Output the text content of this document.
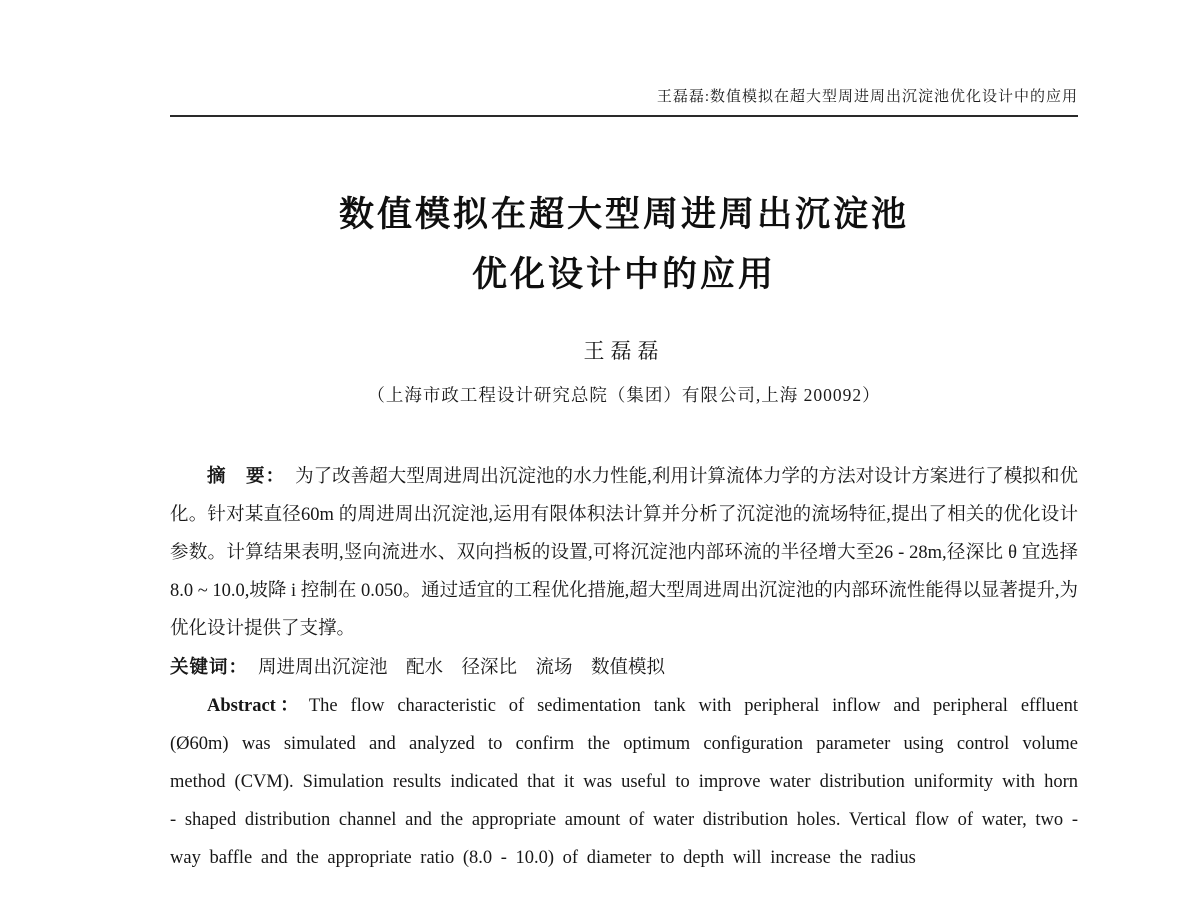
王磊磊:数值模拟在超大型周进周出沉淀池优化设计中的应用
数值模拟在超大型周进周出沉淀池
优化设计中的应用
王磊磊
（上海市政工程设计研究总院（集团）有限公司,上海 200092）

摘　要： 为了改善超大型周进周出沉淀池的水力性能,利用计算流体力学的方法对设计方案进行了模拟和优化。针对某直径60m 的周进周出沉淀池,运用有限体积法计算并分析了沉淀池的流场特征,提出了相关的优化设计参数。计算结果表明,竖向流进水、双向挡板的设置,可将沉淀池内部环流的半径增大至26 - 28m,径深比 θ 宜选择 8.0 ~ 10.0,坡降 i 控制在 0.050。通过适宜的工程优化措施,超大型周进周出沉淀池的内部环流性能得以显著提升,为优化设计提供了支撑。

关键词： 周进周出沉淀池　配水　径深比　流场　数值模拟

Abstract： The flow characteristic of sedimentation tank with peripheral inflow and peripheral effluent (Ø60m) was simulated and analyzed to confirm the optimum configuration parameter using control volume method (CVM). Simulation results indicated that it was useful to improve water distribution uniformity with horn - shaped distribution channel and the appropriate amount of water distribution holes. Vertical flow of water, two - way baffle and the appropriate ratio (8.0 - 10.0) of diameter to depth will increase the radius
